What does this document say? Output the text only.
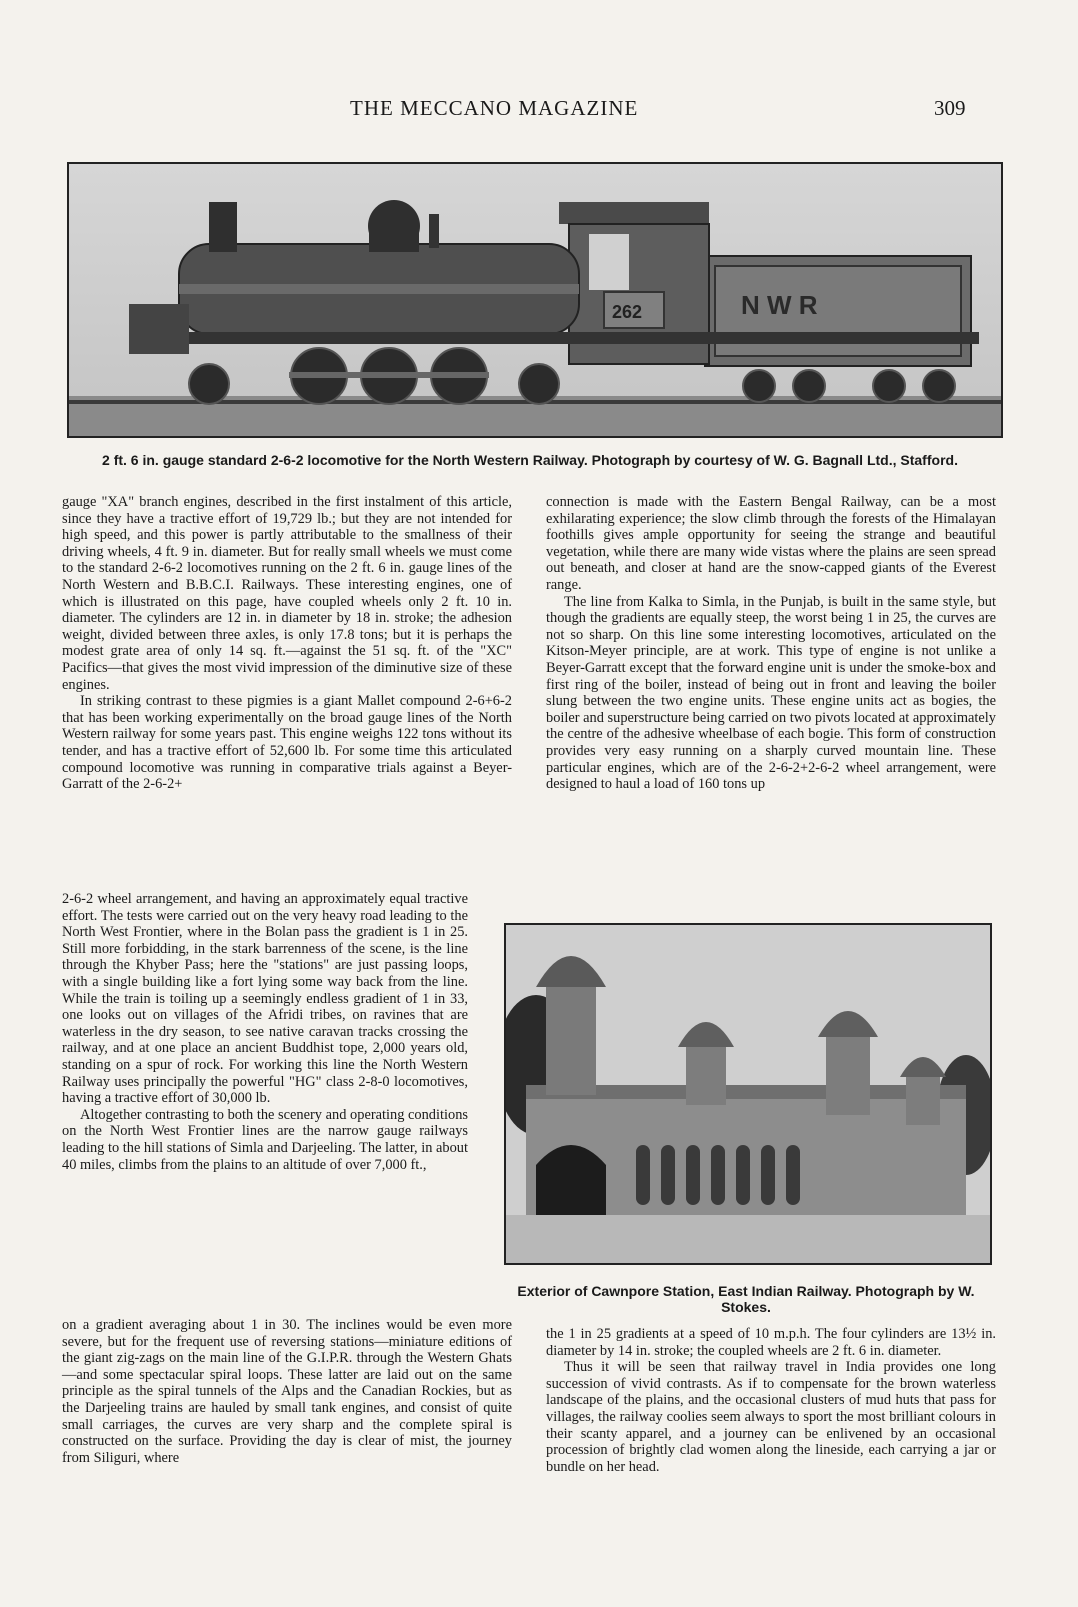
THE MECCANO MAGAZINE	309
N W R
262
2 ft. 6 in. gauge standard 2-6-2 locomotive for the North Western Railway. Photograph by courtesy of W. G. Bagnall Ltd., Stafford.

gauge "XA" branch engines, described in the first instalment of this article, since they have a tractive effort of 19,729 lb.; but they are not intended for high speed, and this power is partly attributable to the smallness of their driving wheels, 4 ft. 9 in. diameter. But for really small wheels we must come to the standard 2-6-2 locomotives running on the 2 ft. 6 in. gauge lines of the North Western and B.B.C.I. Railways. These interesting engines, one of which is illustrated on this page, have coupled wheels only 2 ft. 10 in. diameter. The cylinders are 12 in. in diameter by 18 in. stroke; the adhesion weight, divided between three axles, is only 17.8 tons; but it is perhaps the modest grate area of only 14 sq. ft.—against the 51 sq. ft. of the "XC" Pacifics—that gives the most vivid impression of the diminutive size of these engines.

In striking contrast to these pigmies is a giant Mallet compound 2-6+6-2 that has been working experimentally on the broad gauge lines of the North Western railway for some years past. This engine weighs 122 tons without its tender, and has a tractive effort of 52,600 lb. For some time this articulated compound locomotive was running in comparative trials against a Beyer-Garratt of the 2-6-2+

2-6-2 wheel arrangement, and having an approximately equal tractive effort. The tests were carried out on the very heavy road leading to the North West Frontier, where in the Bolan pass the gradient is 1 in 25. Still more forbidding, in the stark barrenness of the scene, is the line through the Khyber Pass; here the "stations" are just passing loops, with a single building like a fort lying some way back from the line. While the train is toiling up a seemingly endless gradient of 1 in 33, one looks out on villages of the Afridi tribes, on ravines that are waterless in the dry season, to see native caravan tracks crossing the railway, and at one place an ancient Buddhist tope, 2,000 years old, standing on a spur of rock. For working this line the North Western Railway uses principally the powerful "HG" class 2-8-0 locomotives, having a tractive effort of 30,000 lb.

Altogether contrasting to both the scenery and operating conditions on the North West Frontier lines are the narrow gauge railways leading to the hill stations of Simla and Darjeeling. The latter, in about 40 miles, climbs from the plains to an altitude of over 7,000 ft.,

on a gradient averaging about 1 in 30. The inclines would be even more severe, but for the frequent use of reversing stations—miniature editions of the giant zig-zags on the main line of the G.I.P.R. through the Western Ghats—and some spectacular spiral loops. These latter are laid out on the same principle as the spiral tunnels of the Alps and the Canadian Rockies, but as the Darjeeling trains are hauled by small tank engines, and consist of quite small carriages, the curves are very sharp and the complete spiral is constructed on the surface. Providing the day is clear of mist, the journey from Siliguri, where

connection is made with the Eastern Bengal Railway, can be a most exhilarating experience; the slow climb through the forests of the Himalayan foothills gives ample opportunity for seeing the strange and beautiful vegetation, while there are many wide vistas where the plains are seen spread out beneath, and closer at hand are the snow-capped giants of the Everest range.

The line from Kalka to Simla, in the Punjab, is built in the same style, but though the gradients are equally steep, the worst being 1 in 25, the curves are not so sharp. On this line some interesting locomotives, articulated on the Kitson-Meyer principle, are at work. This type of engine is not unlike a Beyer-Garratt except that the forward engine unit is under the smoke-box and first ring of the boiler, instead of being out in front and leaving the boiler slung between the two engine units. These engine units act as bogies, the boiler and superstructure being carried on two pivots located at approximately the centre of the adhesive wheelbase of each bogie. This form of construction provides very easy running on a sharply curved mountain line. These particular engines, which are of the 2-6-2+2-6-2 wheel arrangement, were designed to haul a load of 160 tons up

Exterior of Cawnpore Station, East Indian Railway. Photograph by W. Stokes.

the 1 in 25 gradients at a speed of 10 m.p.h. The four cylinders are 13½ in. diameter by 14 in. stroke; the coupled wheels are 2 ft. 6 in. diameter.

Thus it will be seen that railway travel in India provides one long succession of vivid contrasts. As if to compensate for the brown waterless landscape of the plains, and the occasional clusters of mud huts that pass for villages, the railway coolies seem always to sport the most brilliant colours in their scanty apparel, and a journey can be enlivened by an occasional procession of brightly clad women along the lineside, each carrying a jar or bundle on her head.
